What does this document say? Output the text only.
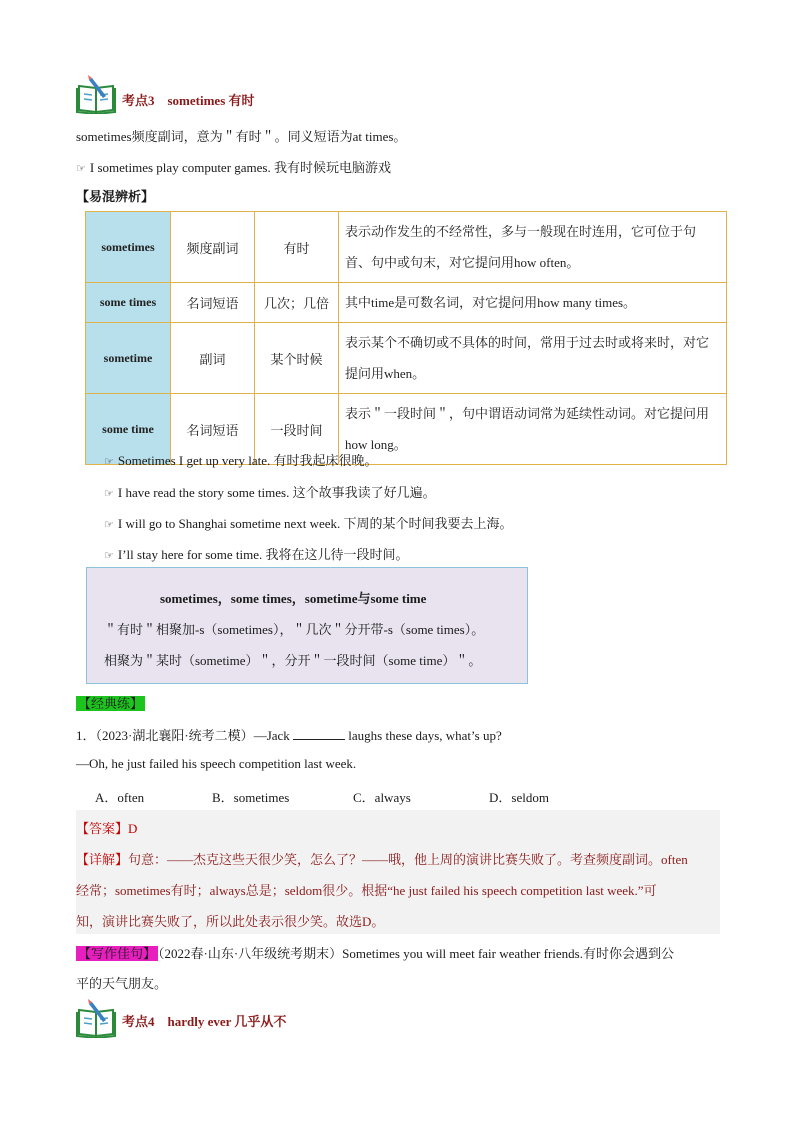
考点3　sometimes 有时
sometimes频度副词，意为＂有时＂。同义短语为at times。
☞ I sometimes play computer games. 我有时候玩电脑游戏
【易混辨析】
sometimes	频度副词	有时	表示动作发生的不经常性，多与一般现在时连用，它可位于句首、句中或句末，对它提问用how often。
some times	名词短语	几次；几倍	其中time是可数名词，对它提问用how many times。
sometime	副词	某个时候	表示某个不确切或不具体的时间，常用于过去时或将来时，对它提问用when。
some time	名词短语	一段时间	表示＂一段时间＂，句中谓语动词常为延续性动词。对它提问用how long。
☞ Sometimes I get up very late. 有时我起床很晚。
☞ I have read the story some times. 这个故事我读了好几遍。
☞ I will go to Shanghai sometime next week. 下周的某个时间我要去上海。
☞ I’ll stay here for some time. 我将在这儿待一段时间。
sometimes，some times，sometime与some time
＂有时＂相聚加-s（sometimes），＂几次＂分开带-s（some times）。
相聚为＂某时（sometime）＂，分开＂一段时间（some time）＂。
【经典练】
1．（2023·湖北襄阳·统考二模）—Jack	laughs these days, what’s up?
—Oh, he just failed his speech competition last week.
A．often	B．sometimes	C．always	D．seldom
【答案】D
【详解】句意：——杰克这些天很少笑，怎么了？——哦，他上周的演讲比赛失败了。考查频度副词。often
经常；sometimes有时；always总是；seldom很少。根据“he just failed his speech competition last week.”可
知，演讲比赛失败了，所以此处表示很少笑。故选D。
【写作佳句】 （2022春·山东·八年级统考期末）Sometimes you will meet fair weather friends.有时你会遇到公
平的天气朋友。
考点4　hardly ever 几乎从不
